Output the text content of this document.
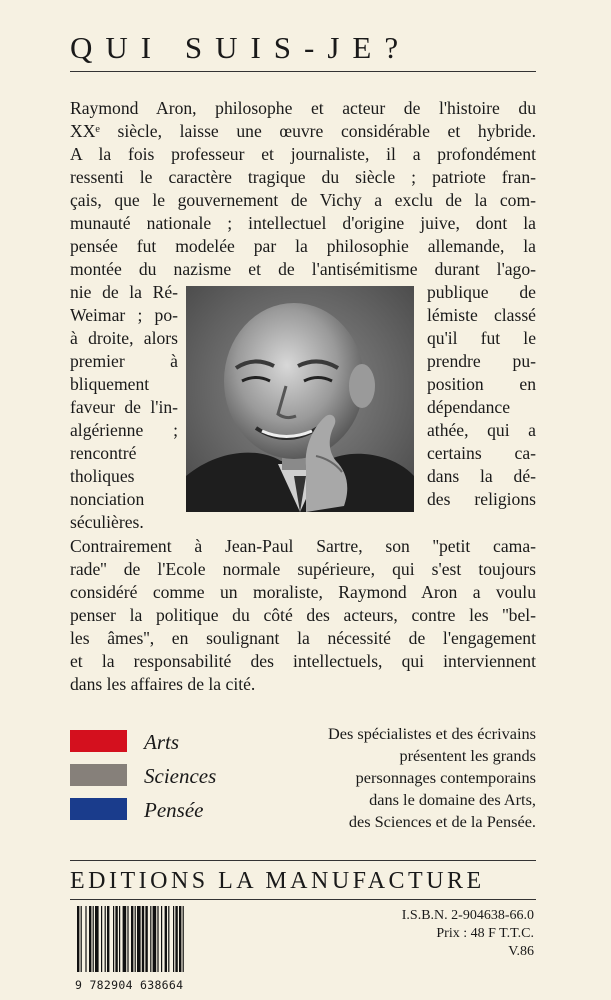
QUI SUIS-JE?
Raymond Aron, philosophe et acteur de l'histoire du
XXᵉ siècle, laisse une œuvre considérable et hybride.
A la fois professeur et journaliste, il a profondément
ressenti le caractère tragique du siècle ; patriote fran-
çais, que le gouvernement de Vichy a exclu de la com-
munauté nationale ; intellectuel d'origine juive, dont la
pensée fut modelée par la philosophie allemande, la
montée du nazisme et de l'antisémitisme durant l'ago-
nie de la Ré-
Weimar ; po-
à droite, alors
premier à
bliquement
faveur de l'in-
algérienne ;
rencontré
tholiques
nonciation
séculières.
publique de
lémiste classé
qu'il fut le
prendre pu-
position en
dépendance
athée, qui a
certains ca-
dans la dé-
des religions
Contrairement à Jean-Paul Sartre, son ''petit cama-
rade'' de l'Ecole normale supérieure, qui s'est toujours
considéré comme un moraliste, Raymond Aron a voulu
penser la politique du côté des acteurs, contre les ''bel-
les âmes'', en soulignant la nécessité de l'engagement
et la responsabilité des intellectuels, qui interviennent
dans les affaires de la cité.
Arts
Sciences
Pensée
Des spécialistes et des écrivains
présentent les grands
personnages contemporains
dans le domaine des Arts,
des Sciences et de la Pensée.
EDITIONS LA MANUFACTURE
9 782904 638664
I.S.B.N. 2-904638-66.0
Prix : 48 F T.T.C.
V.86
